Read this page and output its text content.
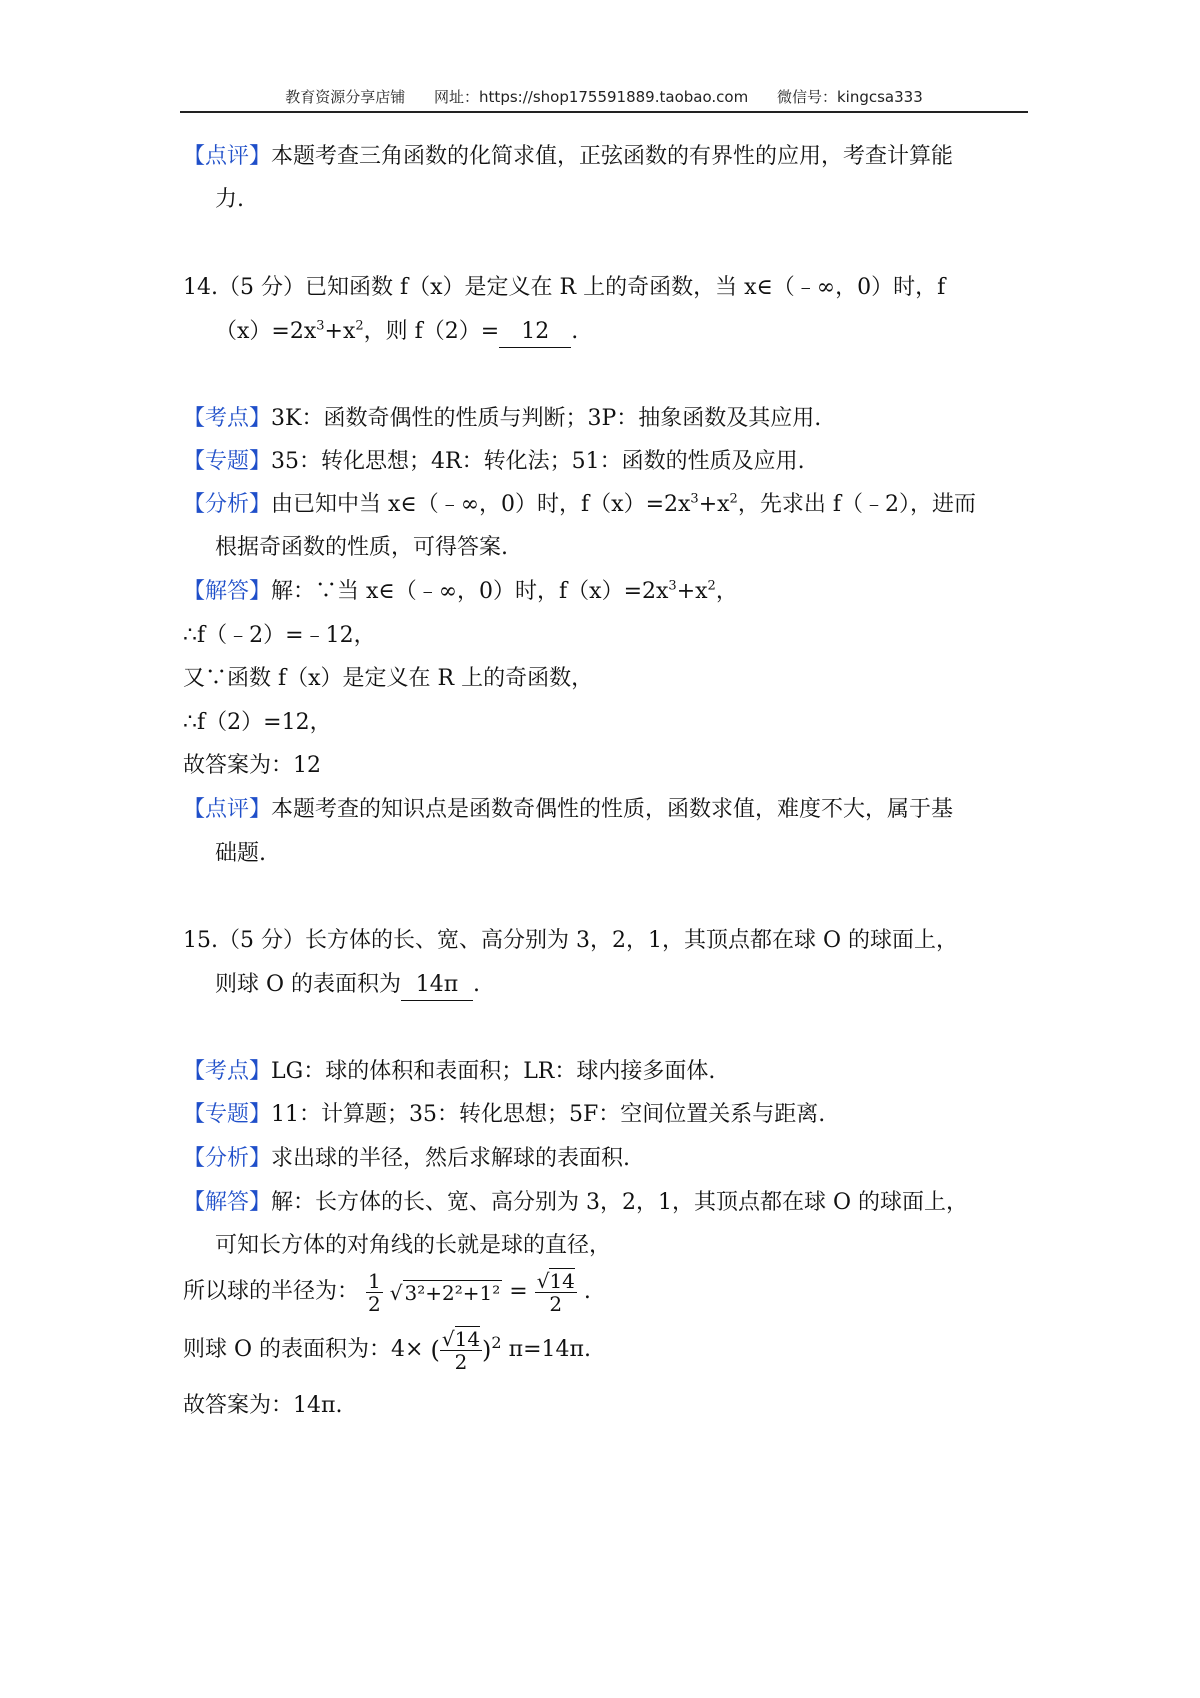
教育资源分享店铺 网址：https://shop175591889.taobao.com 微信号：kingcsa333
【点评】本题考查三角函数的化简求值，正弦函数的有界性的应用，考查计算能
力.
14.（5 分）已知函数 f（x）是定义在 R 上的奇函数，当 x∈（﹣∞，0）时，f
$(x)=2x^3+x^2$，则 f（2）= 12 .
【考点】3K：函数奇偶性的性质与判断；3P：抽象函数及其应用.
【专题】35：转化思想；4R：转化法；51：函数的性质及应用.
【分析】由已知中当 x∈（﹣∞，0）时，$f(x)=2x^3+x^2$，先求出 f（﹣2），进而
根据奇函数的性质，可得答案.
【解答】解：∵当 x∈（﹣∞，0）时，$f(x)=2x^3+x^2$，
∴f（﹣2）=﹣12，
又∵函数 f（x）是定义在 R 上的奇函数，
∴f（2）=12，
故答案为：12
【点评】本题考查的知识点是函数奇偶性的性质，函数求值，难度不大，属于基
础题.
15.（5 分）长方体的长、宽、高分别为 3，2，1，其顶点都在球 O 的球面上，
则球 O 的表面积为 14π .
【考点】LG：球的体积和表面积；LR：球内接多面体.
【专题】11：计算题；35：转化思想；5F：空间位置关系与距离.
【分析】求出球的半径，然后求解球的表面积.
【解答】解：长方体的长、宽、高分别为 3，2，1，其顶点都在球 O 的球面上，
可知长方体的对角线的长就是球的直径，
所以球的半径为： $\frac{1}{2}$ √ $3^2+2^2+1^2 = \frac{√14}{2}$ .
则球 O 的表面积为：4× ( $\frac{√14}{2} )^2$ π=14π.
故答案为：14π.
